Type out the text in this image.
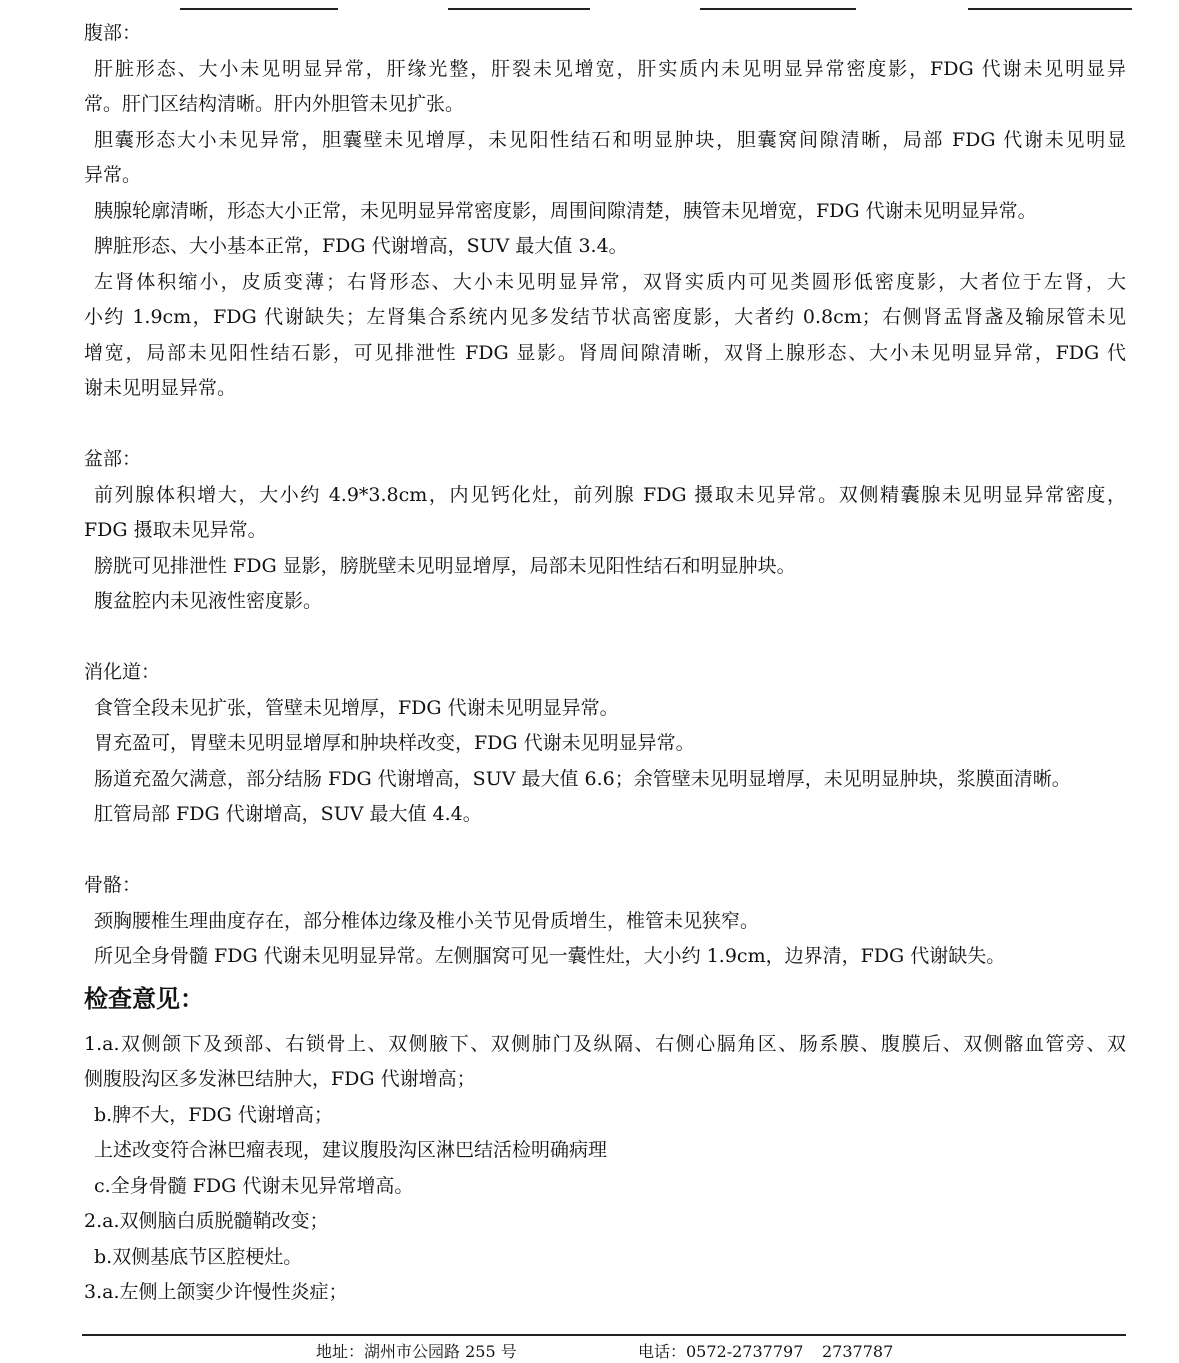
腹部：
肝脏形态、大小未见明显异常，肝缘光整，肝裂未见增宽，肝实质内未见明显异常密度影，FDG 代谢未见明显异
常。肝门区结构清晰。肝内外胆管未见扩张。
胆囊形态大小未见异常，胆囊壁未见增厚，未见阳性结石和明显肿块，胆囊窝间隙清晰，局部 FDG 代谢未见明显
异常。
胰腺轮廓清晰，形态大小正常，未见明显异常密度影，周围间隙清楚，胰管未见增宽，FDG 代谢未见明显异常。
脾脏形态、大小基本正常，FDG 代谢增高，SUV 最大值 3.4。
左肾体积缩小，皮质变薄；右肾形态、大小未见明显异常，双肾实质内可见类圆形低密度影，大者位于左肾，大
小约 1.9cm，FDG 代谢缺失；左肾集合系统内见多发结节状高密度影，大者约 0.8cm；右侧肾盂肾盏及输尿管未见
增宽，局部未见阳性结石影，可见排泄性 FDG 显影。肾周间隙清晰，双肾上腺形态、大小未见明显异常，FDG 代
谢未见明显异常。
盆部：
前列腺体积增大，大小约 4.9*3.8cm，内见钙化灶，前列腺 FDG 摄取未见异常。双侧精囊腺未见明显异常密度，
FDG 摄取未见异常。
膀胱可见排泄性 FDG 显影，膀胱壁未见明显增厚，局部未见阳性结石和明显肿块。
腹盆腔内未见液性密度影。
消化道：
食管全段未见扩张，管壁未见增厚，FDG 代谢未见明显异常。
胃充盈可，胃壁未见明显增厚和肿块样改变，FDG 代谢未见明显异常。
肠道充盈欠满意，部分结肠 FDG 代谢增高，SUV 最大值 6.6；余管壁未见明显增厚，未见明显肿块，浆膜面清晰。
肛管局部 FDG 代谢增高，SUV 最大值 4.4。
骨骼：
颈胸腰椎生理曲度存在，部分椎体边缘及椎小关节见骨质增生，椎管未见狭窄。
所见全身骨髓 FDG 代谢未见明显异常。左侧腘窝可见一囊性灶，大小约 1.9cm，边界清，FDG 代谢缺失。
检查意见：
1.a.双侧颌下及颈部、右锁骨上、双侧腋下、双侧肺门及纵隔、右侧心膈角区、肠系膜、腹膜后、双侧髂血管旁、双
侧腹股沟区多发淋巴结肿大，FDG 代谢增高；
b.脾不大，FDG 代谢增高；
上述改变符合淋巴瘤表现，建议腹股沟区淋巴结活检明确病理
c.全身骨髓 FDG 代谢未见异常增高。
2.a.双侧脑白质脱髓鞘改变；
b.双侧基底节区腔梗灶。
3.a.左侧上颌窦少许慢性炎症；
地址：湖州市公园路 255 号	电话：0572-2737797 2737787
